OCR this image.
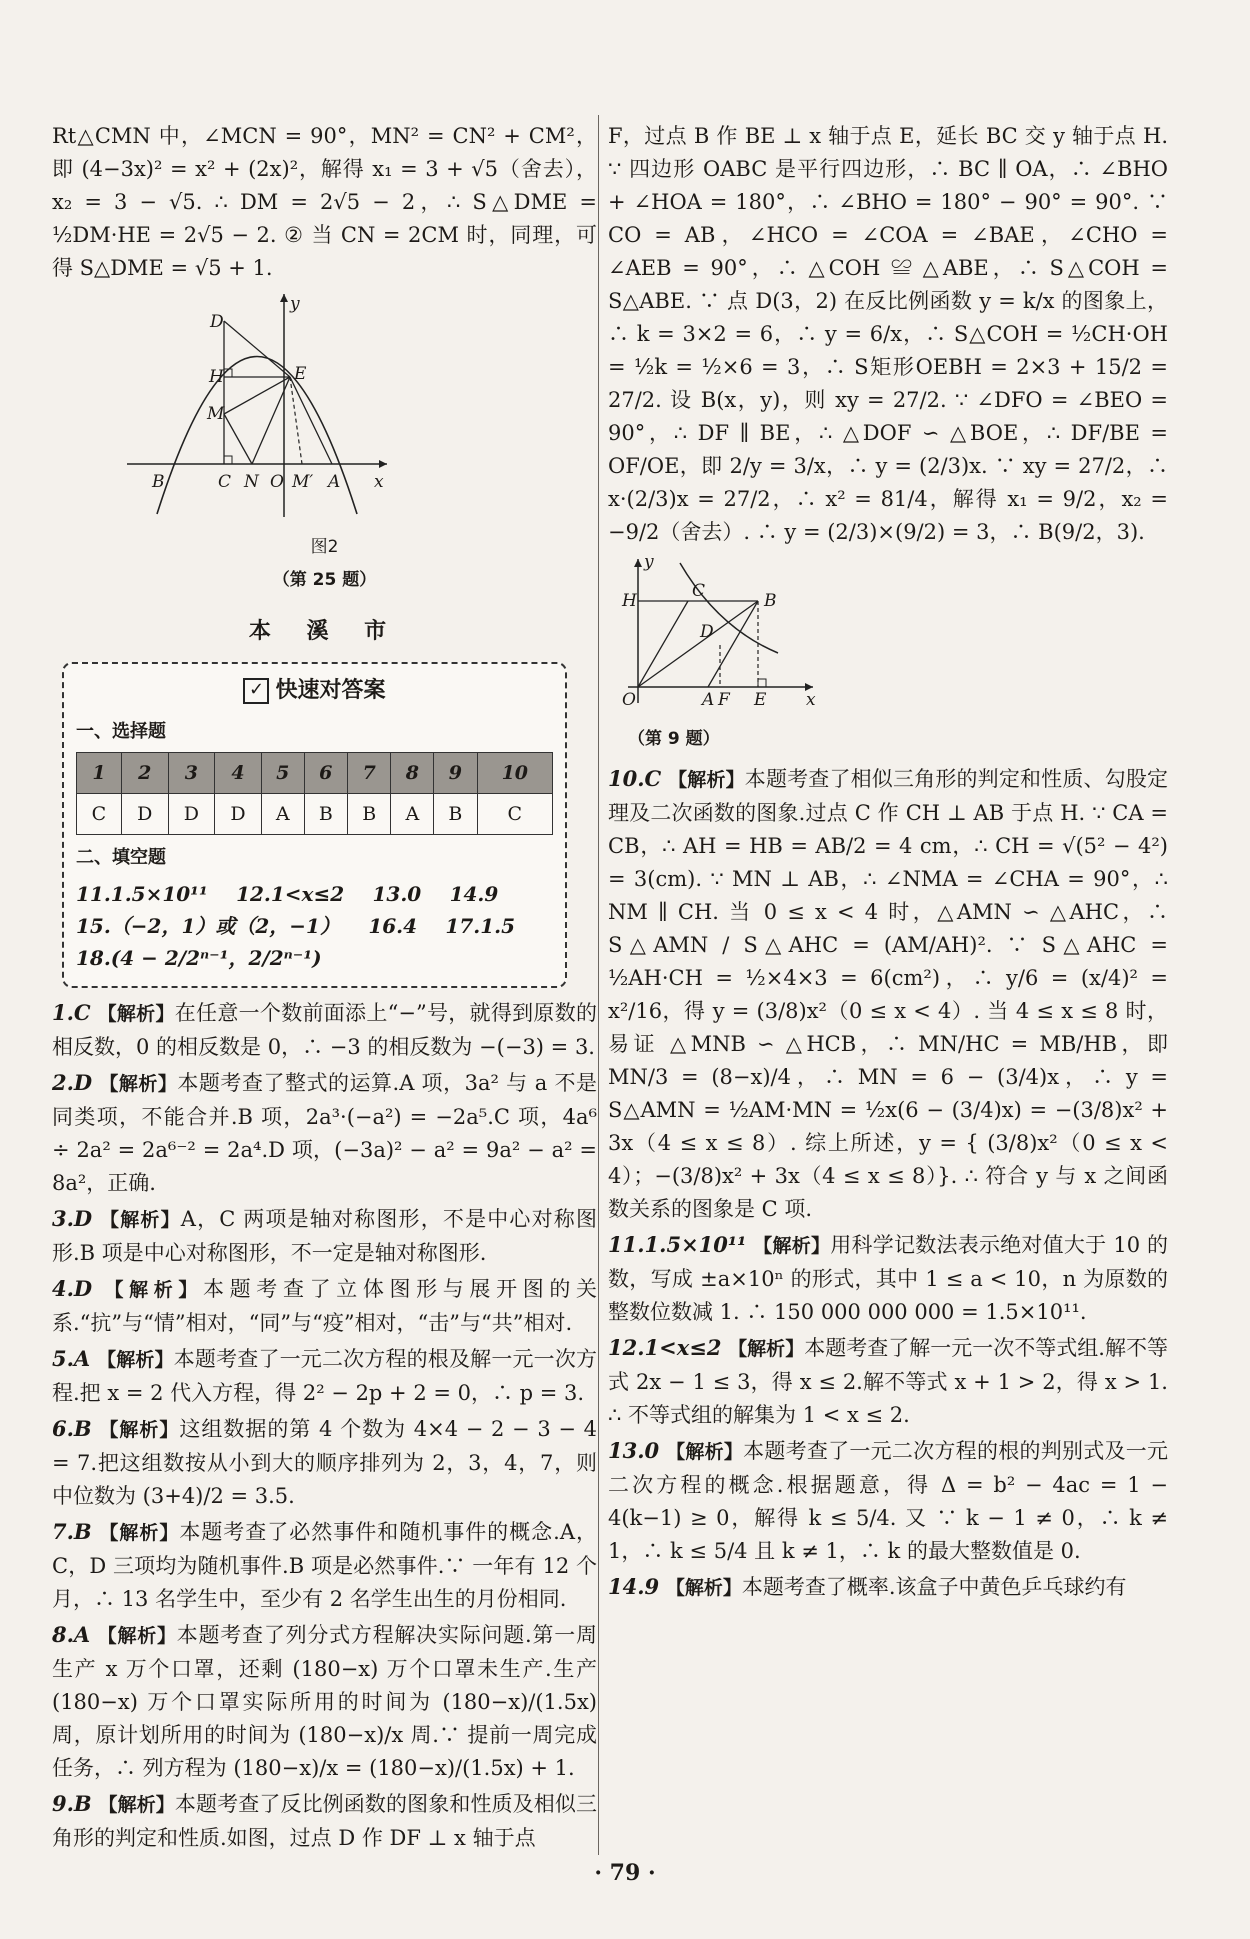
Rt△CMN 中，∠MCN = 90°，MN² = CN² + CM²，即 (4−3x)² = x² + (2x)²，解得 x₁ = 3 + √5（舍去），x₂ = 3 − √5. ∴ DM = 2√5 − 2，∴ S△DME = ½DM·HE = 2√5 − 2. ② 当 CN = 2CM 时，同理，可得 S△DME = √5 + 1.

y
D
H
M
E
B	C N O M′ A x

图2

（第 25 题）

本 溪 市
✓ 快速对答案
一、选择题
1	2	3	4	5	6	7	8	9	10
C	D	D	D	A	B	B	A	B	C
二、填空题
11.1.5×10¹¹ 12.1<x≤2 13.0 14.9
15.（−2，1）或（2，−1） 16.4 17.1.5
18.(4 − 2/2ⁿ⁻¹，2/2ⁿ⁻¹)

1.C 【解析】在任意一个数前面添上“−”号，就得到原数的相反数，0 的相反数是 0，∴ −3 的相反数为 −(−3) = 3.

2.D 【解析】本题考查了整式的运算.A 项，3a² 与 a 不是同类项，不能合并.B 项，2a³·(−a²) = −2a⁵.C 项，4a⁶ ÷ 2a² = 2a⁶⁻² = 2a⁴.D 项，(−3a)² − a² = 9a² − a² = 8a²，正确.

3.D 【解析】A，C 两项是轴对称图形，不是中心对称图形.B 项是中心对称图形，不一定是轴对称图形.

4.D 【解析】本题考查了立体图形与展开图的关系.“抗”与“情”相对，“同”与“疫”相对，“击”与“共”相对.

5.A 【解析】本题考查了一元二次方程的根及解一元一次方程.把 x = 2 代入方程，得 2² − 2p + 2 = 0，∴ p = 3.

6.B 【解析】这组数据的第 4 个数为 4×4 − 2 − 3 − 4 = 7.把这组数按从小到大的顺序排列为 2，3，4，7，则中位数为 (3+4)/2 = 3.5.

7.B 【解析】本题考查了必然事件和随机事件的概念.A，C，D 三项均为随机事件.B 项是必然事件.∵ 一年有 12 个月，∴ 13 名学生中，至少有 2 名学生出生的月份相同.

8.A 【解析】本题考查了列分式方程解决实际问题.第一周生产 x 万个口罩，还剩 (180−x) 万个口罩未生产.生产 (180−x) 万个口罩实际所用的时间为 (180−x)/(1.5x) 周，原计划所用的时间为 (180−x)/x 周.∵ 提前一周完成任务，∴ 列方程为 (180−x)/x = (180−x)/(1.5x) + 1.

9.B 【解析】本题考查了反比例函数的图象和性质及相似三角形的判定和性质.如图，过点 D 作 DF ⊥ x 轴于点

F，过点 B 作 BE ⊥ x 轴于点 E，延长 BC 交 y 轴于点 H. ∵ 四边形 OABC 是平行四边形，∴ BC ∥ OA，∴ ∠BHO + ∠HOA = 180°，∴ ∠BHO = 180° − 90° = 90°. ∵ CO = AB，∠HCO = ∠COA = ∠BAE，∠CHO = ∠AEB = 90°，∴ △COH ≌ △ABE，∴ S△COH = S△ABE. ∵ 点 D(3，2) 在反比例函数 y = k/x 的图象上，∴ k = 3×2 = 6，∴ y = 6/x，∴ S△COH = ½CH·OH = ½k = ½×6 = 3，∴ S矩形OEBH = 2×3 + 15/2 = 27/2. 设 B(x，y)，则 xy = 27/2. ∵ ∠DFO = ∠BEO = 90°，∴ DF ∥ BE，∴ △DOF ∽ △BOE，∴ DF/BE = OF/OE，即 2/y = 3/x，∴ y = (2/3)x. ∵ xy = 27/2，∴ x·(2/3)x = 27/2，∴ x² = 81/4，解得 x₁ = 9/2，x₂ = −9/2（舍去）. ∴ y = (2/3)×(9/2) = 3，∴ B(9/2，3).

y
H	C	B
D
O	A F E x

（第 9 题）

10.C 【解析】本题考查了相似三角形的判定和性质、勾股定理及二次函数的图象.过点 C 作 CH ⊥ AB 于点 H. ∵ CA = CB，∴ AH = HB = AB/2 = 4 cm，∴ CH = √(5² − 4²) = 3(cm). ∵ MN ⊥ AB，∴ ∠NMA = ∠CHA = 90°，∴ NM ∥ CH. 当 0 ≤ x < 4 时，△AMN ∽ △AHC，∴ S△AMN / S△AHC = (AM/AH)². ∵ S△AHC = ½AH·CH = ½×4×3 = 6(cm²)，∴ y/6 = (x/4)² = x²/16，得 y = (3/8)x²（0 ≤ x < 4）. 当 4 ≤ x ≤ 8 时，易证 △MNB ∽ △HCB，∴ MN/HC = MB/HB，即 MN/3 = (8−x)/4，∴ MN = 6 − (3/4)x，∴ y = S△AMN = ½AM·MN = ½x(6 − (3/4)x) = −(3/8)x² + 3x（4 ≤ x ≤ 8）. 综上所述，y = { (3/8)x²（0 ≤ x < 4）；−(3/8)x² + 3x（4 ≤ x ≤ 8）}. ∴ 符合 y 与 x 之间函数关系的图象是 C 项.

11.1.5×10¹¹ 【解析】用科学记数法表示绝对值大于 10 的数，写成 ±a×10ⁿ 的形式，其中 1 ≤ a < 10，n 为原数的整数位数减 1. ∴ 150 000 000 000 = 1.5×10¹¹.

12.1<x≤2 【解析】本题考查了解一元一次不等式组.解不等式 2x − 1 ≤ 3，得 x ≤ 2.解不等式 x + 1 > 2，得 x > 1. ∴ 不等式组的解集为 1 < x ≤ 2.

13.0 【解析】本题考查了一元二次方程的根的判别式及一元二次方程的概念.根据题意，得 Δ = b² − 4ac = 1 − 4(k−1) ≥ 0，解得 k ≤ 5/4. 又 ∵ k − 1 ≠ 0，∴ k ≠ 1，∴ k ≤ 5/4 且 k ≠ 1，∴ k 的最大整数值是 0.

14.9 【解析】本题考查了概率.该盒子中黄色乒乓球约有

· 79 ·
